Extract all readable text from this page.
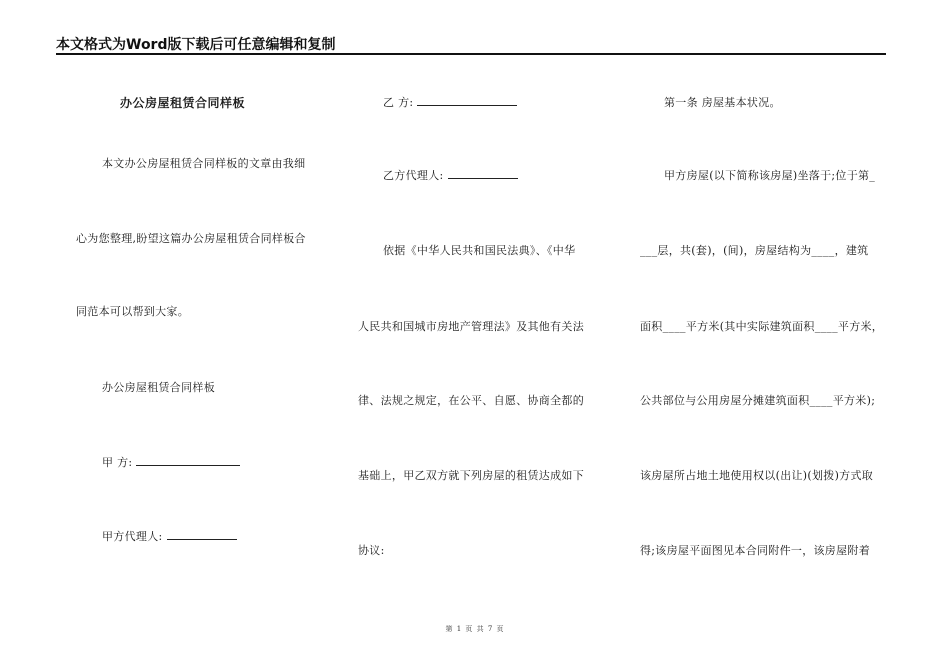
本文格式为Word版下载后可任意编辑和复制
办公房屋租赁合同样板
本文办公房屋租赁合同样板的文章由我细
心为您整理,盼望这篇办公房屋租赁合同样板合
同范本可以帮到大家。
办公房屋租赁合同样板
甲 方:
甲方代理人:
乙 方:
乙方代理人:
依据《中华人民共和国民法典》、《中华
人民共和国城市房地产管理法》及其他有关法
律、法规之规定，在公平、自愿、协商全都的
基础上，甲乙双方就下列房屋的租赁达成如下
协议:
第一条 房屋基本状况。
甲方房屋(以下简称该房屋)坐落于;位于第_
___层，共(套)，(间)，房屋结构为____，建筑
面积____平方米(其中实际建筑面积____平方米，
公共部位与公用房屋分摊建筑面积____平方米);
该房屋所占地土地使用权以(出让)(划拨)方式取
得;该房屋平面图见本合同附件一，该房屋附着
第 1 页 共 7 页
